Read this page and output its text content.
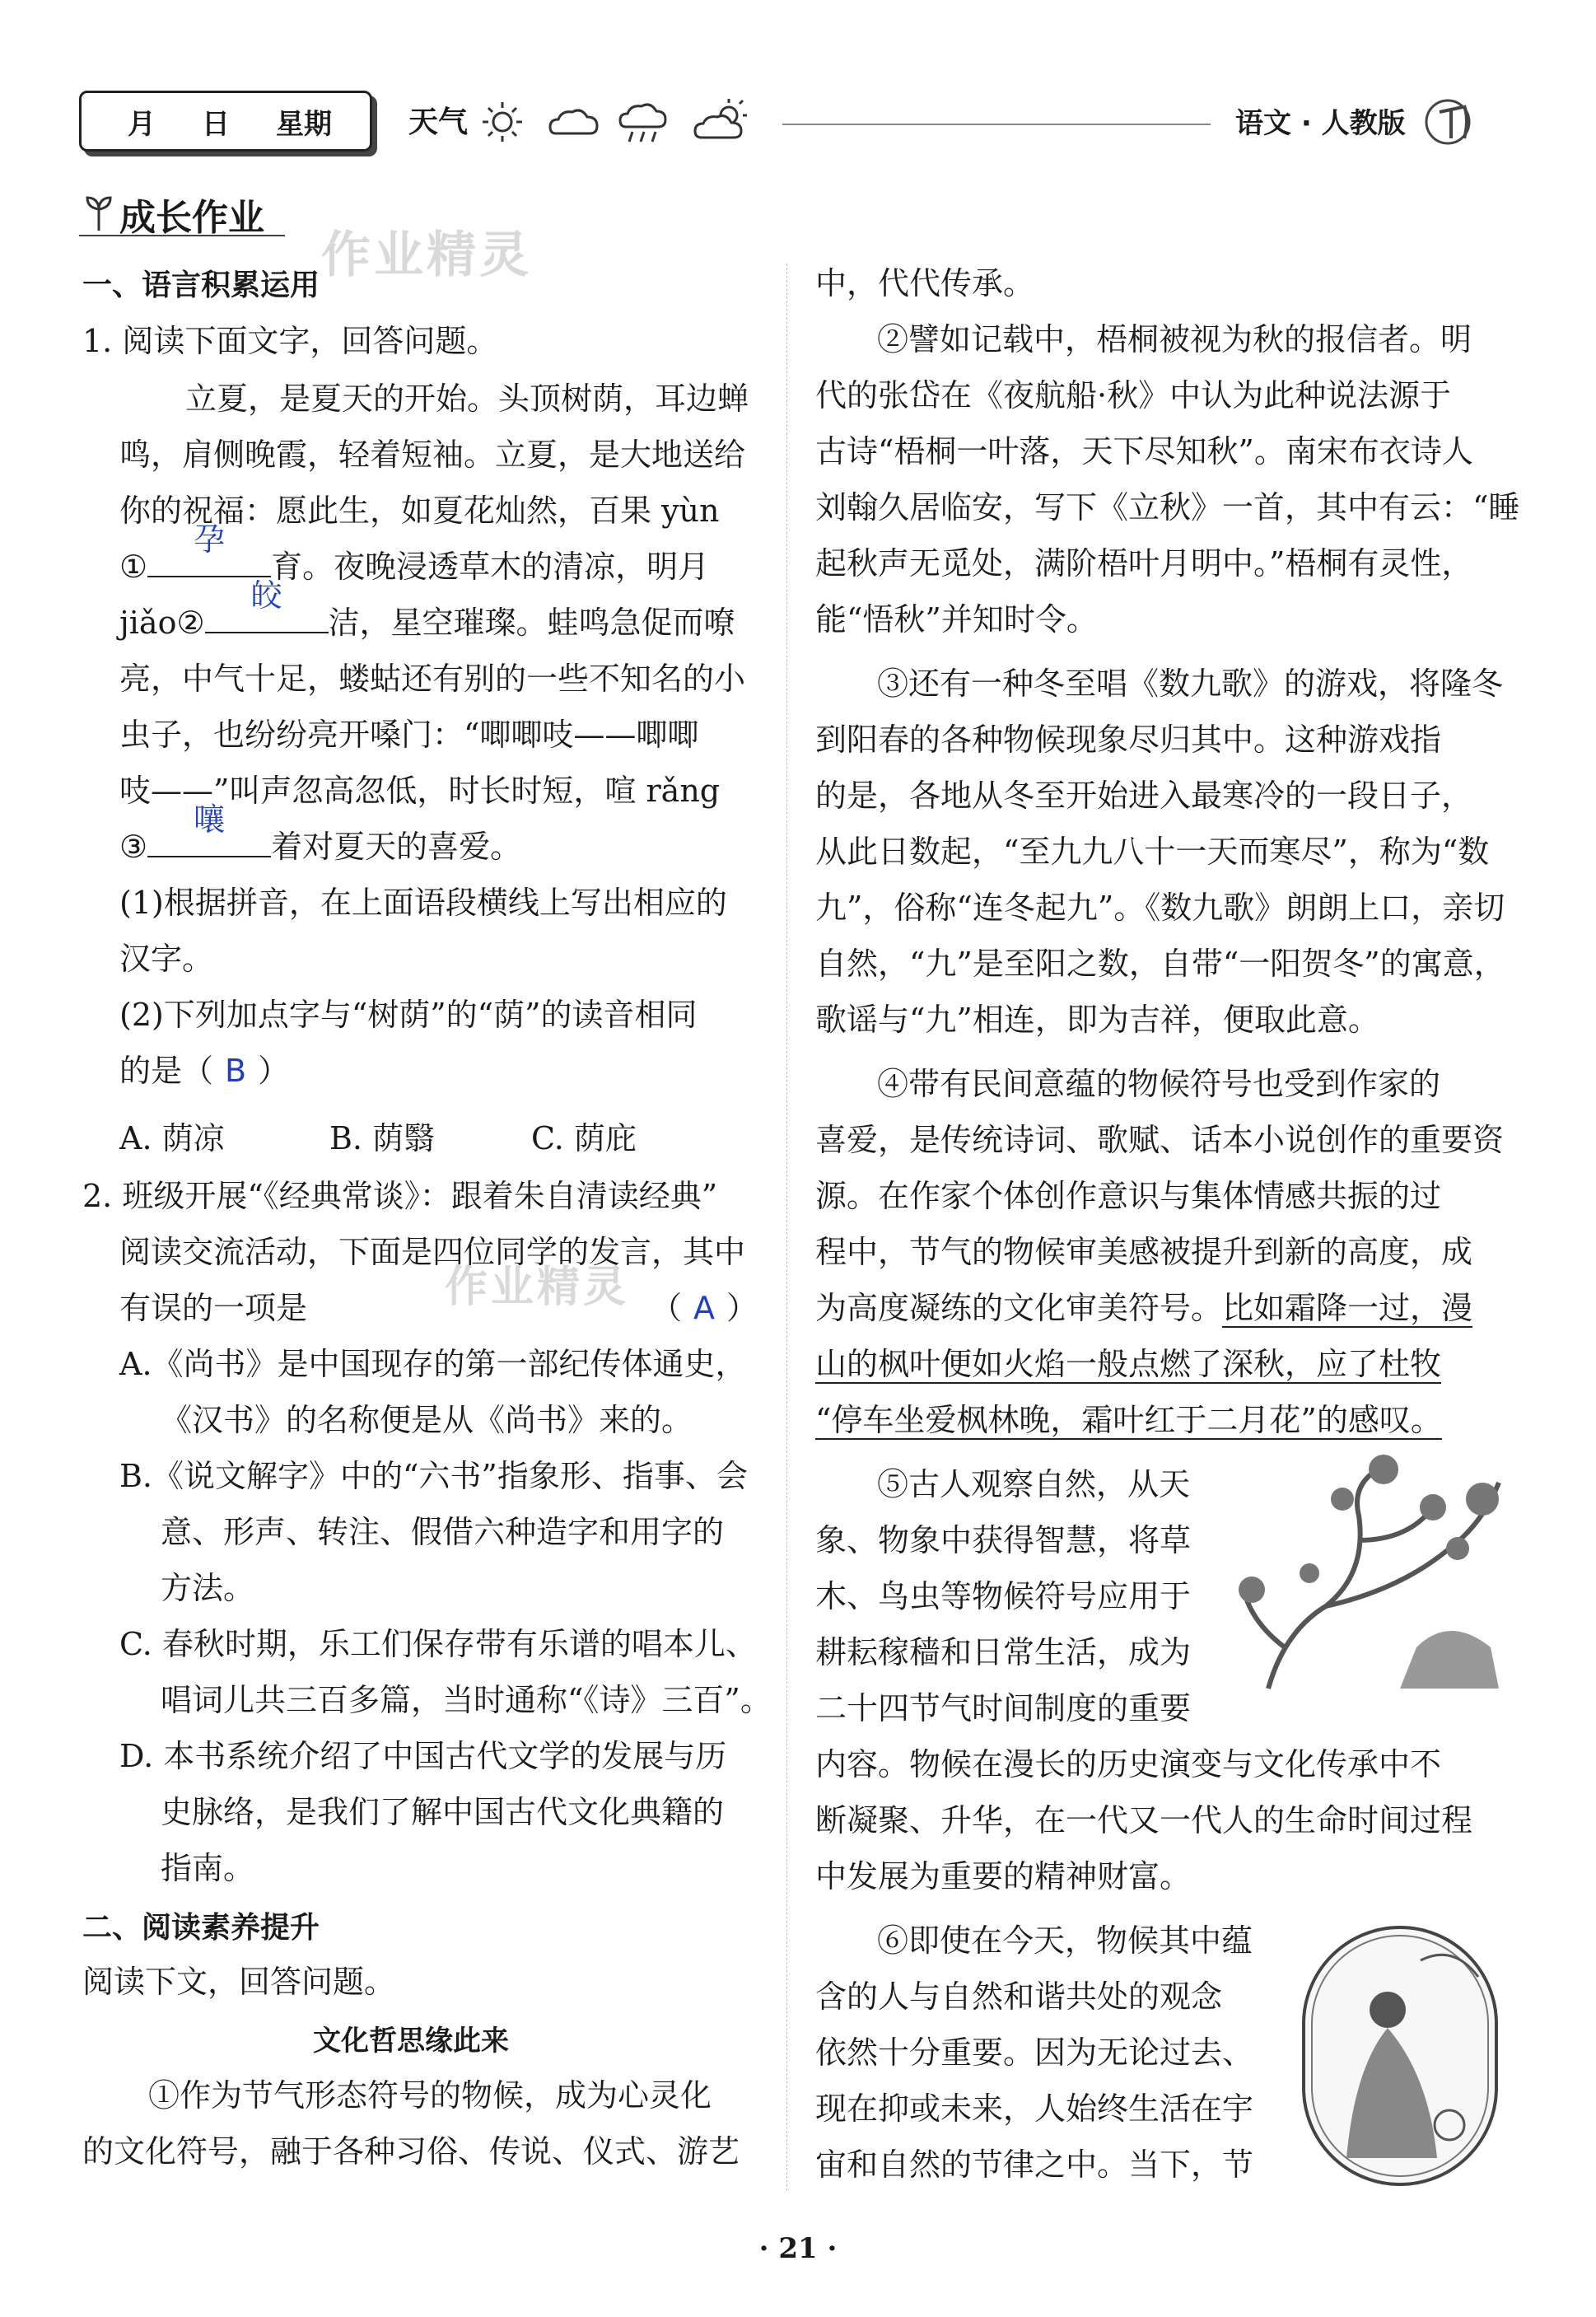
月 日 星期	天气	语文 · 人教版
成长作业
作业精灵
作业精灵
一、语言积累运用
1. 阅读下面文字，回答问题。
立夏，是夏天的开始。头顶树荫，耳边蝉
鸣，肩侧晚霞，轻着短袖。立夏，是大地送给
你的祝福：愿此生，如夏花灿然，百果 yùn
①
孕
育。夜晚浸透草木的清凉，明月
jiǎo②
皎
洁，星空璀璨。蛙鸣急促而嘹
亮，中气十足，蝼蛄还有别的一些不知名的小
虫子，也纷纷亮开嗓门：“唧唧吱——唧唧
吱——”叫声忽高忽低，时长时短，喧 rǎng
③
嚷
着对夏天的喜爱。
(1)根据拼音，在上面语段横线上写出相应的
汉字。
(2)下列加点字与“树荫”的“荫”的读音相同
的是（ B ）
A. 荫凉	B. 荫翳	C. 荫庇
2. 班级开展“《经典常谈》：跟着朱自清读经典”
阅读交流活动，下面是四位同学的发言，其中
有误的一项是	（ A ）
A.《尚书》是中国现存的第一部纪传体通史，
《汉书》的名称便是从《尚书》来的。
B.《说文解字》中的“六书”指象形、指事、会
意、形声、转注、假借六种造字和用字的
方法。
C. 春秋时期，乐工们保存带有乐谱的唱本儿、
唱词儿共三百多篇，当时通称“《诗》三百”。
D. 本书系统介绍了中国古代文学的发展与历
史脉络，是我们了解中国古代文化典籍的
指南。
二、阅读素养提升
阅读下文，回答问题。
文化哲思缘此来
①作为节气形态符号的物候，成为心灵化
的文化符号，融于各种习俗、传说、仪式、游艺
中，代代传承。
②譬如记载中，梧桐被视为秋的报信者。明
代的张岱在《夜航船·秋》中认为此种说法源于
古诗“梧桐一叶落，天下尽知秋”。南宋布衣诗人
刘翰久居临安，写下《立秋》一首，其中有云：“睡
起秋声无觅处，满阶梧叶月明中。”梧桐有灵性，
能“悟秋”并知时令。
③还有一种冬至唱《数九歌》的游戏，将隆冬
到阳春的各种物候现象尽归其中。这种游戏指
的是，各地从冬至开始进入最寒冷的一段日子，
从此日数起，“至九九八十一天而寒尽”，称为“数
九”，俗称“连冬起九”。《数九歌》朗朗上口，亲切
自然，“九”是至阳之数，自带“一阳贺冬”的寓意，
歌谣与“九”相连，即为吉祥，便取此意。
④带有民间意蕴的物候符号也受到作家的
喜爱，是传统诗词、歌赋、话本小说创作的重要资
源。在作家个体创作意识与集体情感共振的过
程中，节气的物候审美感被提升到新的高度，成
为高度凝练的文化审美符号。比如霜降一过，漫
山的枫叶便如火焰一般点燃了深秋，应了杜牧
“停车坐爱枫林晚，霜叶红于二月花”的感叹。
⑤古人观察自然，从天
象、物象中获得智慧，将草
木、鸟虫等物候符号应用于
耕耘稼穑和日常生活，成为
二十四节气时间制度的重要
内容。物候在漫长的历史演变与文化传承中不
断凝聚、升华，在一代又一代人的生命时间过程
中发展为重要的精神财富。
⑥即使在今天，物候其中蕴
含的人与自然和谐共处的观念
依然十分重要。因为无论过去、
现在抑或未来，人始终生活在宇
宙和自然的节律之中。当下，节
· 21 ·
